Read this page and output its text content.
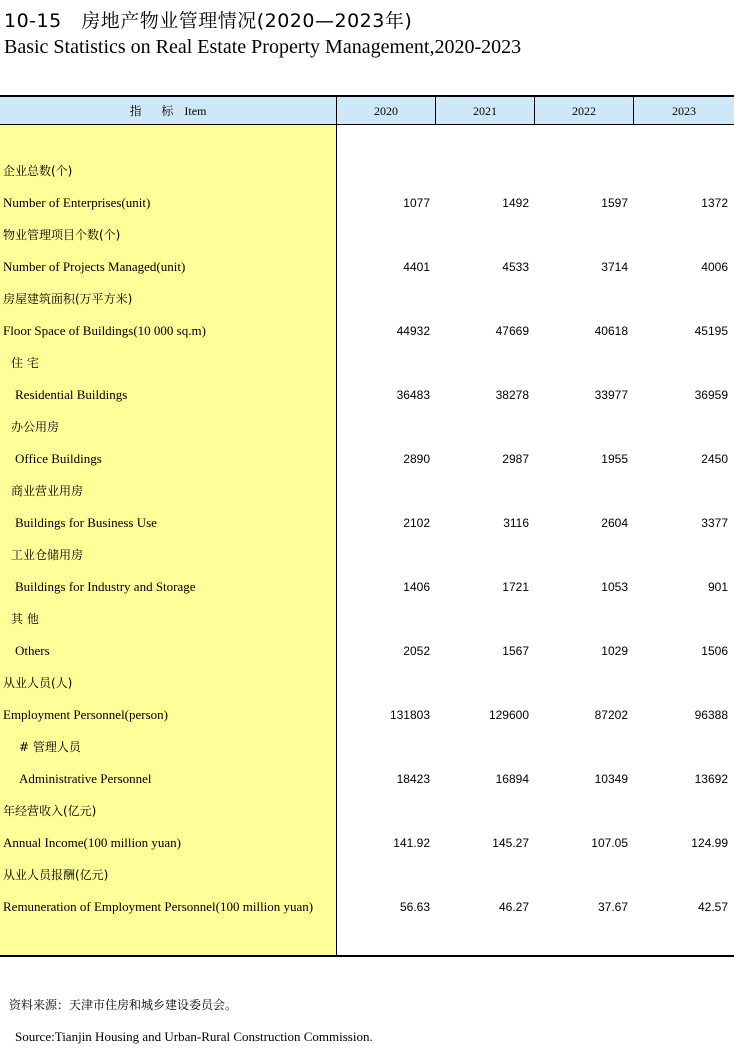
10-15　房地产物业管理情况(2020—2023年)
Basic Statistics on Real Estate Property Management,2020-2023
指 标 Item	2020	2021	2022	2023
企业总数(个)
Number of Enterprises(unit)	1077	1492	1597	1372
物业管理项目个数(个)
Number of Projects Managed(unit)	4401	4533	3714	4006
房屋建筑面积(万平方米)
Floor Space of Buildings(10 000 sq.m)	44932	47669	40618	45195
住 宅
Residential Buildings	36483	38278	33977	36959
办公用房
Office Buildings	2890	2987	1955	2450
商业营业用房
Buildings for Business Use	2102	3116	2604	3377
工业仓储用房
Buildings for Industry and Storage	1406	1721	1053	901
其 他
Others	2052	1567	1029	1506
从业人员(人)
Employment Personnel(person)	131803	129600	87202	96388
# 管理人员
Administrative Personnel	18423	16894	10349	13692
年经营收入(亿元)
Annual Income(100 million yuan)	141.92	145.27	107.05	124.99
从业人员报酬(亿元)
Remuneration of Employment Personnel(100 million yuan)	56.63	46.27	37.67	42.57
资料来源：天津市住房和城乡建设委员会。
Source:Tianjin Housing and Urban-Rural Construction Commission.
